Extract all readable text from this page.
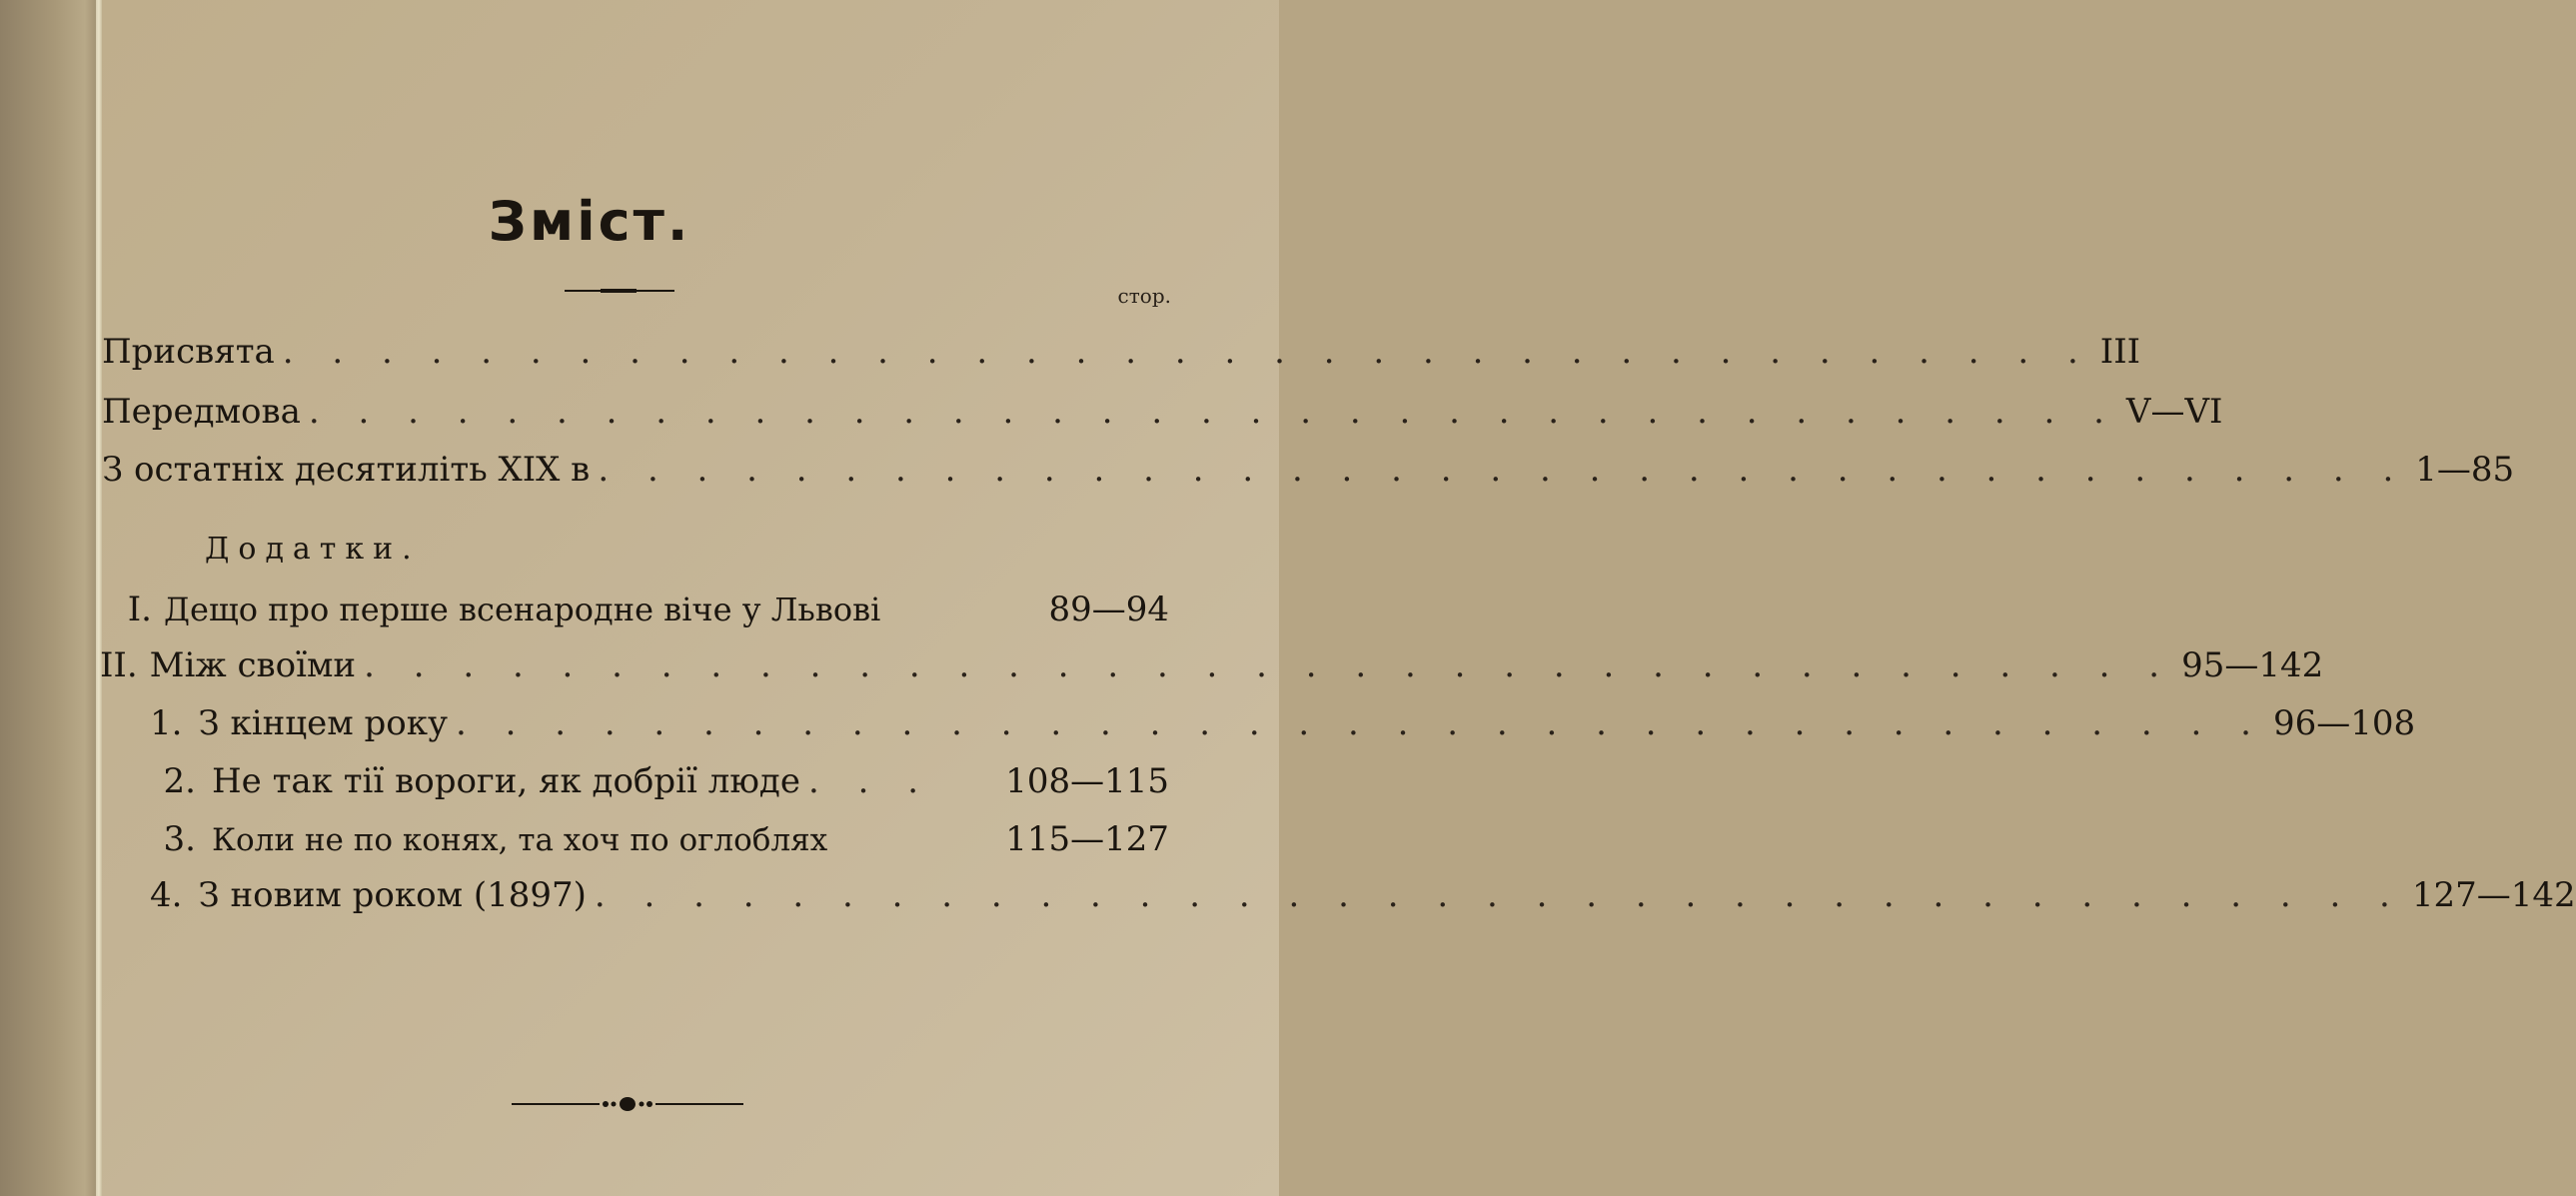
Зміст.
стор.
Присвята . . . . . . . . . . . . . . . . . . . . . . . . . . . . . . . . . . . . . III
Передмова . . . . . . . . . . . . . . . . . . . . . . . . . . . . . . . . . . . . . V—VI
З остатніх десятиліть XIX в . . . . . . . . . . . . . . . . . . . . . . . . . . . . . . . . . . . . . 1—85
Додатки.
I. Дещо про перше всенародне віче у Львові	89—94
II. Між своїми . . . . . . . . . . . . . . . . . . . . . . . . . . . . . . . . . . . . . 95—142
1. З кінцем року . . . . . . . . . . . . . . . . . . . . . . . . . . . . . . . . . . . . . 96—108
2. Не так тії вороги, як добрії люде . . .	108—115
3. Коли не по конях, та хоч по оглоблях	115—127
4. З новим роком (1897) . . . . . . . . . . . . . . . . . . . . . . . . . . . . . . . . . . . . . 127—142
